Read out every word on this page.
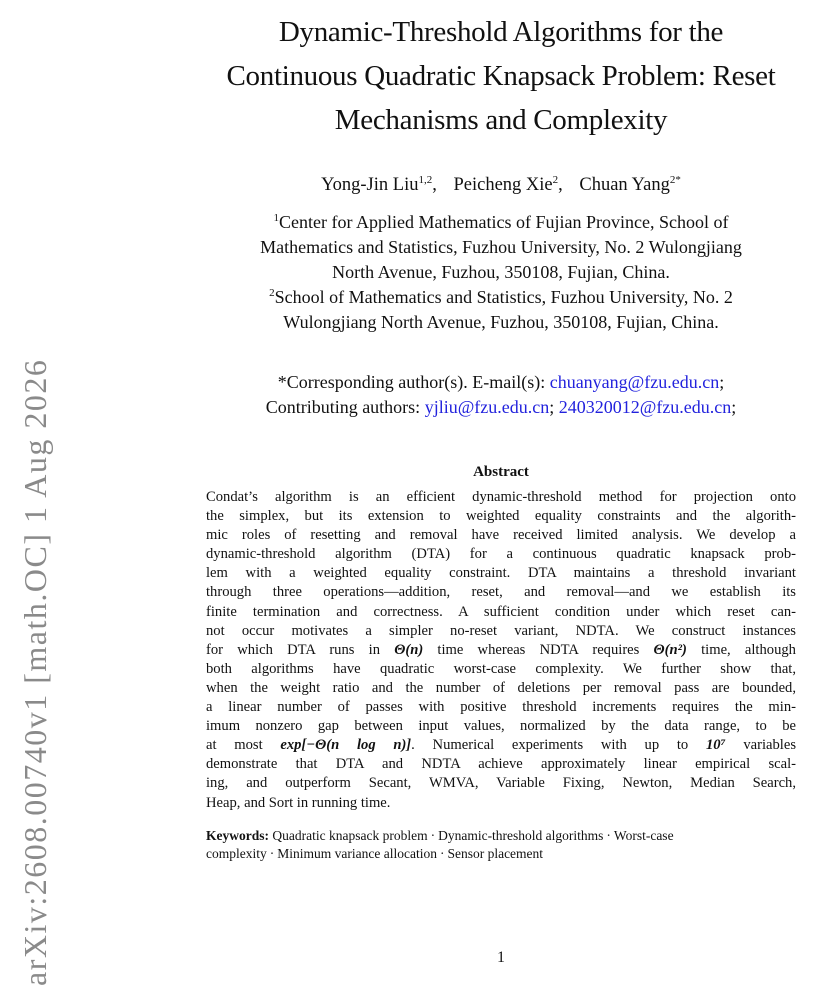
arXiv:2608.00740v1 [math.OC] 1 Aug 2026
Dynamic-Threshold Algorithms for the
Continuous Quadratic Knapsack Problem: Reset
Mechanisms and Complexity
Yong-Jin Liu$^{1,2}$, Peicheng Xie$^2$, Chuan Yang$^{2*}$
$^1$Center for Applied Mathematics of Fujian Province, School of
Mathematics and Statistics, Fuzhou University, No. 2 Wulongjiang
North Avenue, Fuzhou, 350108, Fujian, China.
$^2$School of Mathematics and Statistics, Fuzhou University, No. 2
Wulongjiang North Avenue, Fuzhou, 350108, Fujian, China.
*Corresponding author(s). E-mail(s): chuanyang@fzu.edu.cn;
Contributing authors: yjliu@fzu.edu.cn; 240320012@fzu.edu.cn;
Abstract
Condat’s algorithm is an efficient dynamic-threshold method for projection onto
the simplex, but its extension to weighted equality constraints and the algorith-
mic roles of resetting and removal have received limited analysis. We develop a
dynamic-threshold algorithm (DTA) for a continuous quadratic knapsack prob-
lem with a weighted equality constraint. DTA maintains a threshold invariant
through three operations—addition, reset, and removal—and we establish its
finite termination and correctness. A sufficient condition under which reset can-
not occur motivates a simpler no-reset variant, NDTA. We construct instances
for which DTA runs in Θ(n) time whereas NDTA requires Θ(n²) time, although
both algorithms have quadratic worst-case complexity. We further show that,
when the weight ratio and the number of deletions per removal pass are bounded,
a linear number of passes with positive threshold increments requires the min-
imum nonzero gap between input values, normalized by the data range, to be
at most exp[−Θ(n log n)]. Numerical experiments with up to 10⁷ variables
demonstrate that DTA and NDTA achieve approximately linear empirical scal-
ing, and outperform Secant, WMVA, Variable Fixing, Newton, Median Search,
Heap, and Sort in running time.
Keywords: Quadratic knapsack problem · Dynamic-threshold algorithms · Worst-case
complexity · Minimum variance allocation · Sensor placement
1
